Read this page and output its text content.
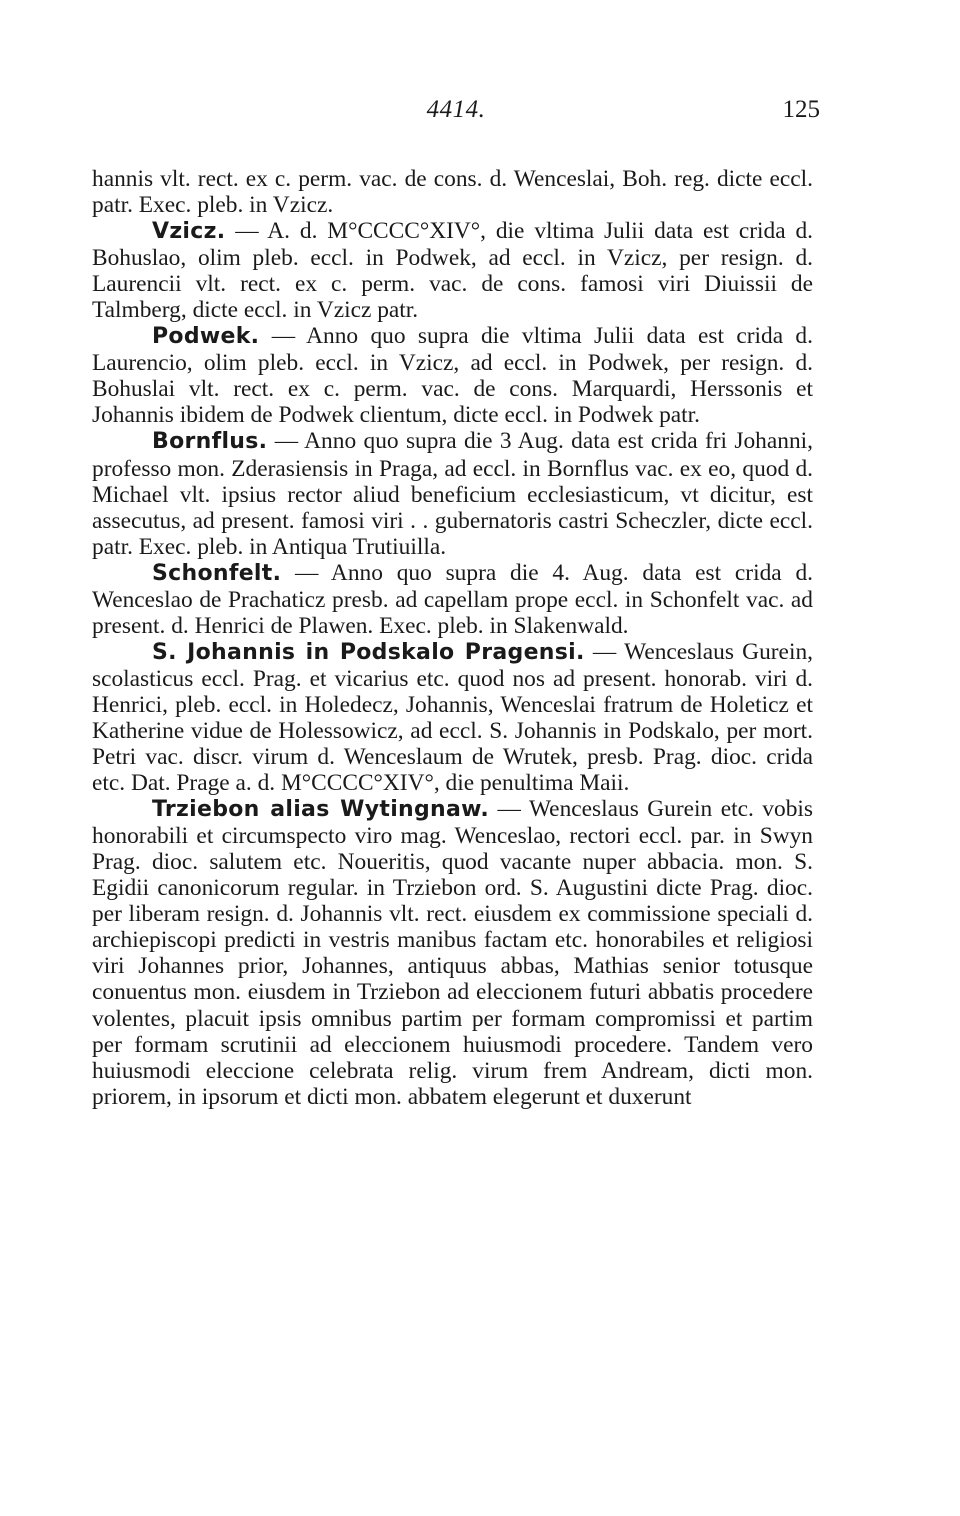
4414.	125

hannis vlt. rect. ex c. perm. vac. de cons. d. Wenceslai, Boh. reg. dicte eccl. patr. Exec. pleb. in Vzicz.

Vzicz. — A. d. M°CCCC°XIV°, die vltima Julii data est crida d. Bohuslao, olim pleb. eccl. in Podwek, ad eccl. in Vzicz, per resign. d. Laurencii vlt. rect. ex c. perm. vac. de cons. famosi viri Diuissii de Talmberg, dicte eccl. in Vzicz patr.

Podwek. — Anno quo supra die vltima Julii data est crida d. Laurencio, olim pleb. eccl. in Vzicz, ad eccl. in Podwek, per resign. d. Bohuslai vlt. rect. ex c. perm. vac. de cons. Marquardi, Herssonis et Johannis ibidem de Podwek clientum, dicte eccl. in Podwek patr.

Bornflus. — Anno quo supra die 3 Aug. data est crida fri Johanni, professo mon. Zderasiensis in Praga, ad eccl. in Bornflus vac. ex eo, quod d. Michael vlt. ipsius rector aliud beneficium ecclesiasticum, vt dicitur, est assecutus, ad present. famosi viri . . gubernatoris castri Scheczler, dicte eccl. patr. Exec. pleb. in Antiqua Trutiuilla.

Schonfelt. — Anno quo supra die 4. Aug. data est crida d. Wenceslao de Prachaticz presb. ad capellam prope eccl. in Schonfelt vac. ad present. d. Henrici de Plawen. Exec. pleb. in Slakenwald.

S. Johannis in Podskalo Pragensi. — Wenceslaus Gurein, scolasticus eccl. Prag. et vicarius etc. quod nos ad present. honorab. viri d. Henrici, pleb. eccl. in Holedecz, Johannis, Wenceslai fratrum de Holeticz et Katherine vidue de Holessowicz, ad eccl. S. Johannis in Podskalo, per mort. Petri vac. discr. virum d. Wenceslaum de Wrutek, presb. Prag. dioc. crida etc. Dat. Prage a. d. M°CCCC°XIV°, die penultima Maii.

Trziebon alias Wytingnaw. — Wenceslaus Gurein etc. vobis honorabili et circumspecto viro mag. Wenceslao, rectori eccl. par. in Swyn Prag. dioc. salutem etc. Noueritis, quod vacante nuper abbacia. mon. S. Egidii canonicorum regular. in Trziebon ord. S. Augustini dicte Prag. dioc. per liberam resign. d. Johannis vlt. rect. eiusdem ex commissione speciali d. archiepiscopi predicti in vestris manibus factam etc. honorabiles et religiosi viri Johannes prior, Johannes, antiquus abbas, Mathias senior totusque conuentus mon. eiusdem in Trziebon ad eleccionem futuri abbatis procedere volentes, placuit ipsis omnibus partim per formam compromissi et partim per formam scrutinii ad eleccionem huiusmodi procedere. Tandem vero huiusmodi eleccione celebrata relig. virum frem Andream, dicti mon. priorem, in ipsorum et dicti mon. abbatem elegerunt et duxerunt
